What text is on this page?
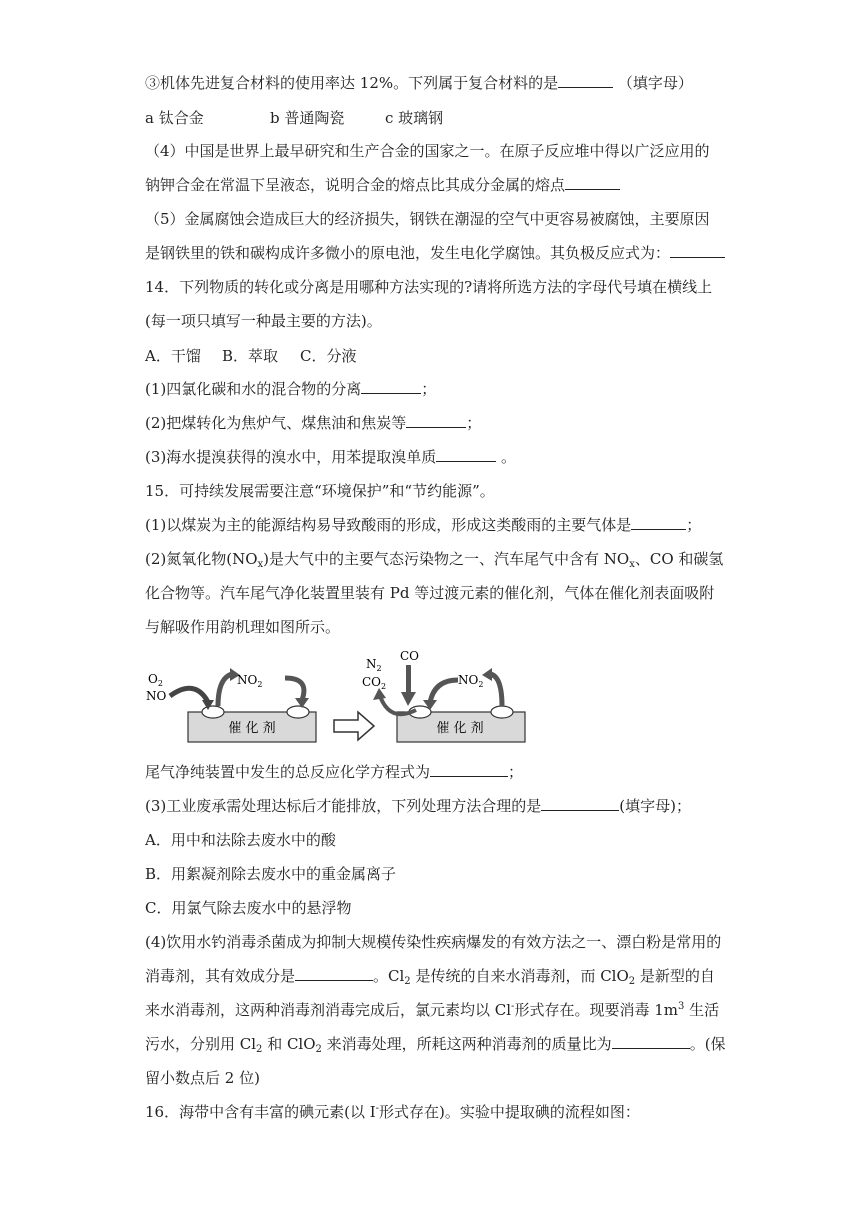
③机体先进复合材料的使用率达 12%。下列属于复合材料的是	（填字母）
a 钛合金	b 普通陶瓷	c 玻璃钢
（4）中国是世界上最早研究和生产合金的国家之一。在原子反应堆中得以广泛应用的
钠钾合金在常温下呈液态，说明合金的熔点比其成分金属的熔点
（5）金属腐蚀会造成巨大的经济损失，钢铁在潮湿的空气中更容易被腐蚀，主要原因
是钢铁里的铁和碳构成许多微小的原电池，发生电化学腐蚀。其负极反应式为：
14．下列物质的转化或分离是用哪种方法实现的?请将所选方法的字母代号填在横线上
(每一项只填写一种最主要的方法)。
A．干馏 B．萃取 C．分液
(1)四氯化碳和水的混合物的分离	；
(2)把煤转化为焦炉气、煤焦油和焦炭等	；
(3)海水提溴获得的溴水中，用苯提取溴单质	。
15．可持续发展需要注意“环境保护”和“节约能源”。
(1)以煤炭为主的能源结构易导致酸雨的形成，形成这类酸雨的主要气体是	；
(2)氮氧化物$(NO_x)$是大气中的主要气态污染物之一、汽车尾气中含有 $NO_x$、CO 和碳氢
化合物等。汽车尾气净化装置里装有 Pd 等过渡元素的催化剂，气体在催化剂表面吸附
与解吸作用韵机理如图所示。
催 化 剂
$O_2$
NO
$NO_2$
催 化 剂
$N_2$
$CO_2$
CO
$NO_2$
尾气净纯装置中发生的总反应化学方程式为	；
(3)工业废承需处理达标后才能排放，下列处理方法合理的是	(填字母)；
A．用中和法除去废水中的酸
B．用絮凝剂除去废水中的重金属离子
C．用氯气除去废水中的悬浮物
(4)饮用水钓消毒杀菌成为抑制大规模传染性疾病爆发的有效方法之一、漂白粉是常用的
消毒剂，其有效成分是	。$Cl_2$ 是传统的自来水消毒剂，而 ClO$_2$ 是新型的自
来水消毒剂，这两种消毒剂消毒完成后，氯元素均以 Cl-形式存在。现要消毒 $1m^3$ 生活
污水，分别用 $Cl_2$ 和 ClO$_2$ 来消毒处理，所耗这两种消毒剂的质量比为	。(保
留小数点后 2 位)
16．海带中含有丰富的碘元素(以 I-形式存在)。实验中提取碘的流程如图：
